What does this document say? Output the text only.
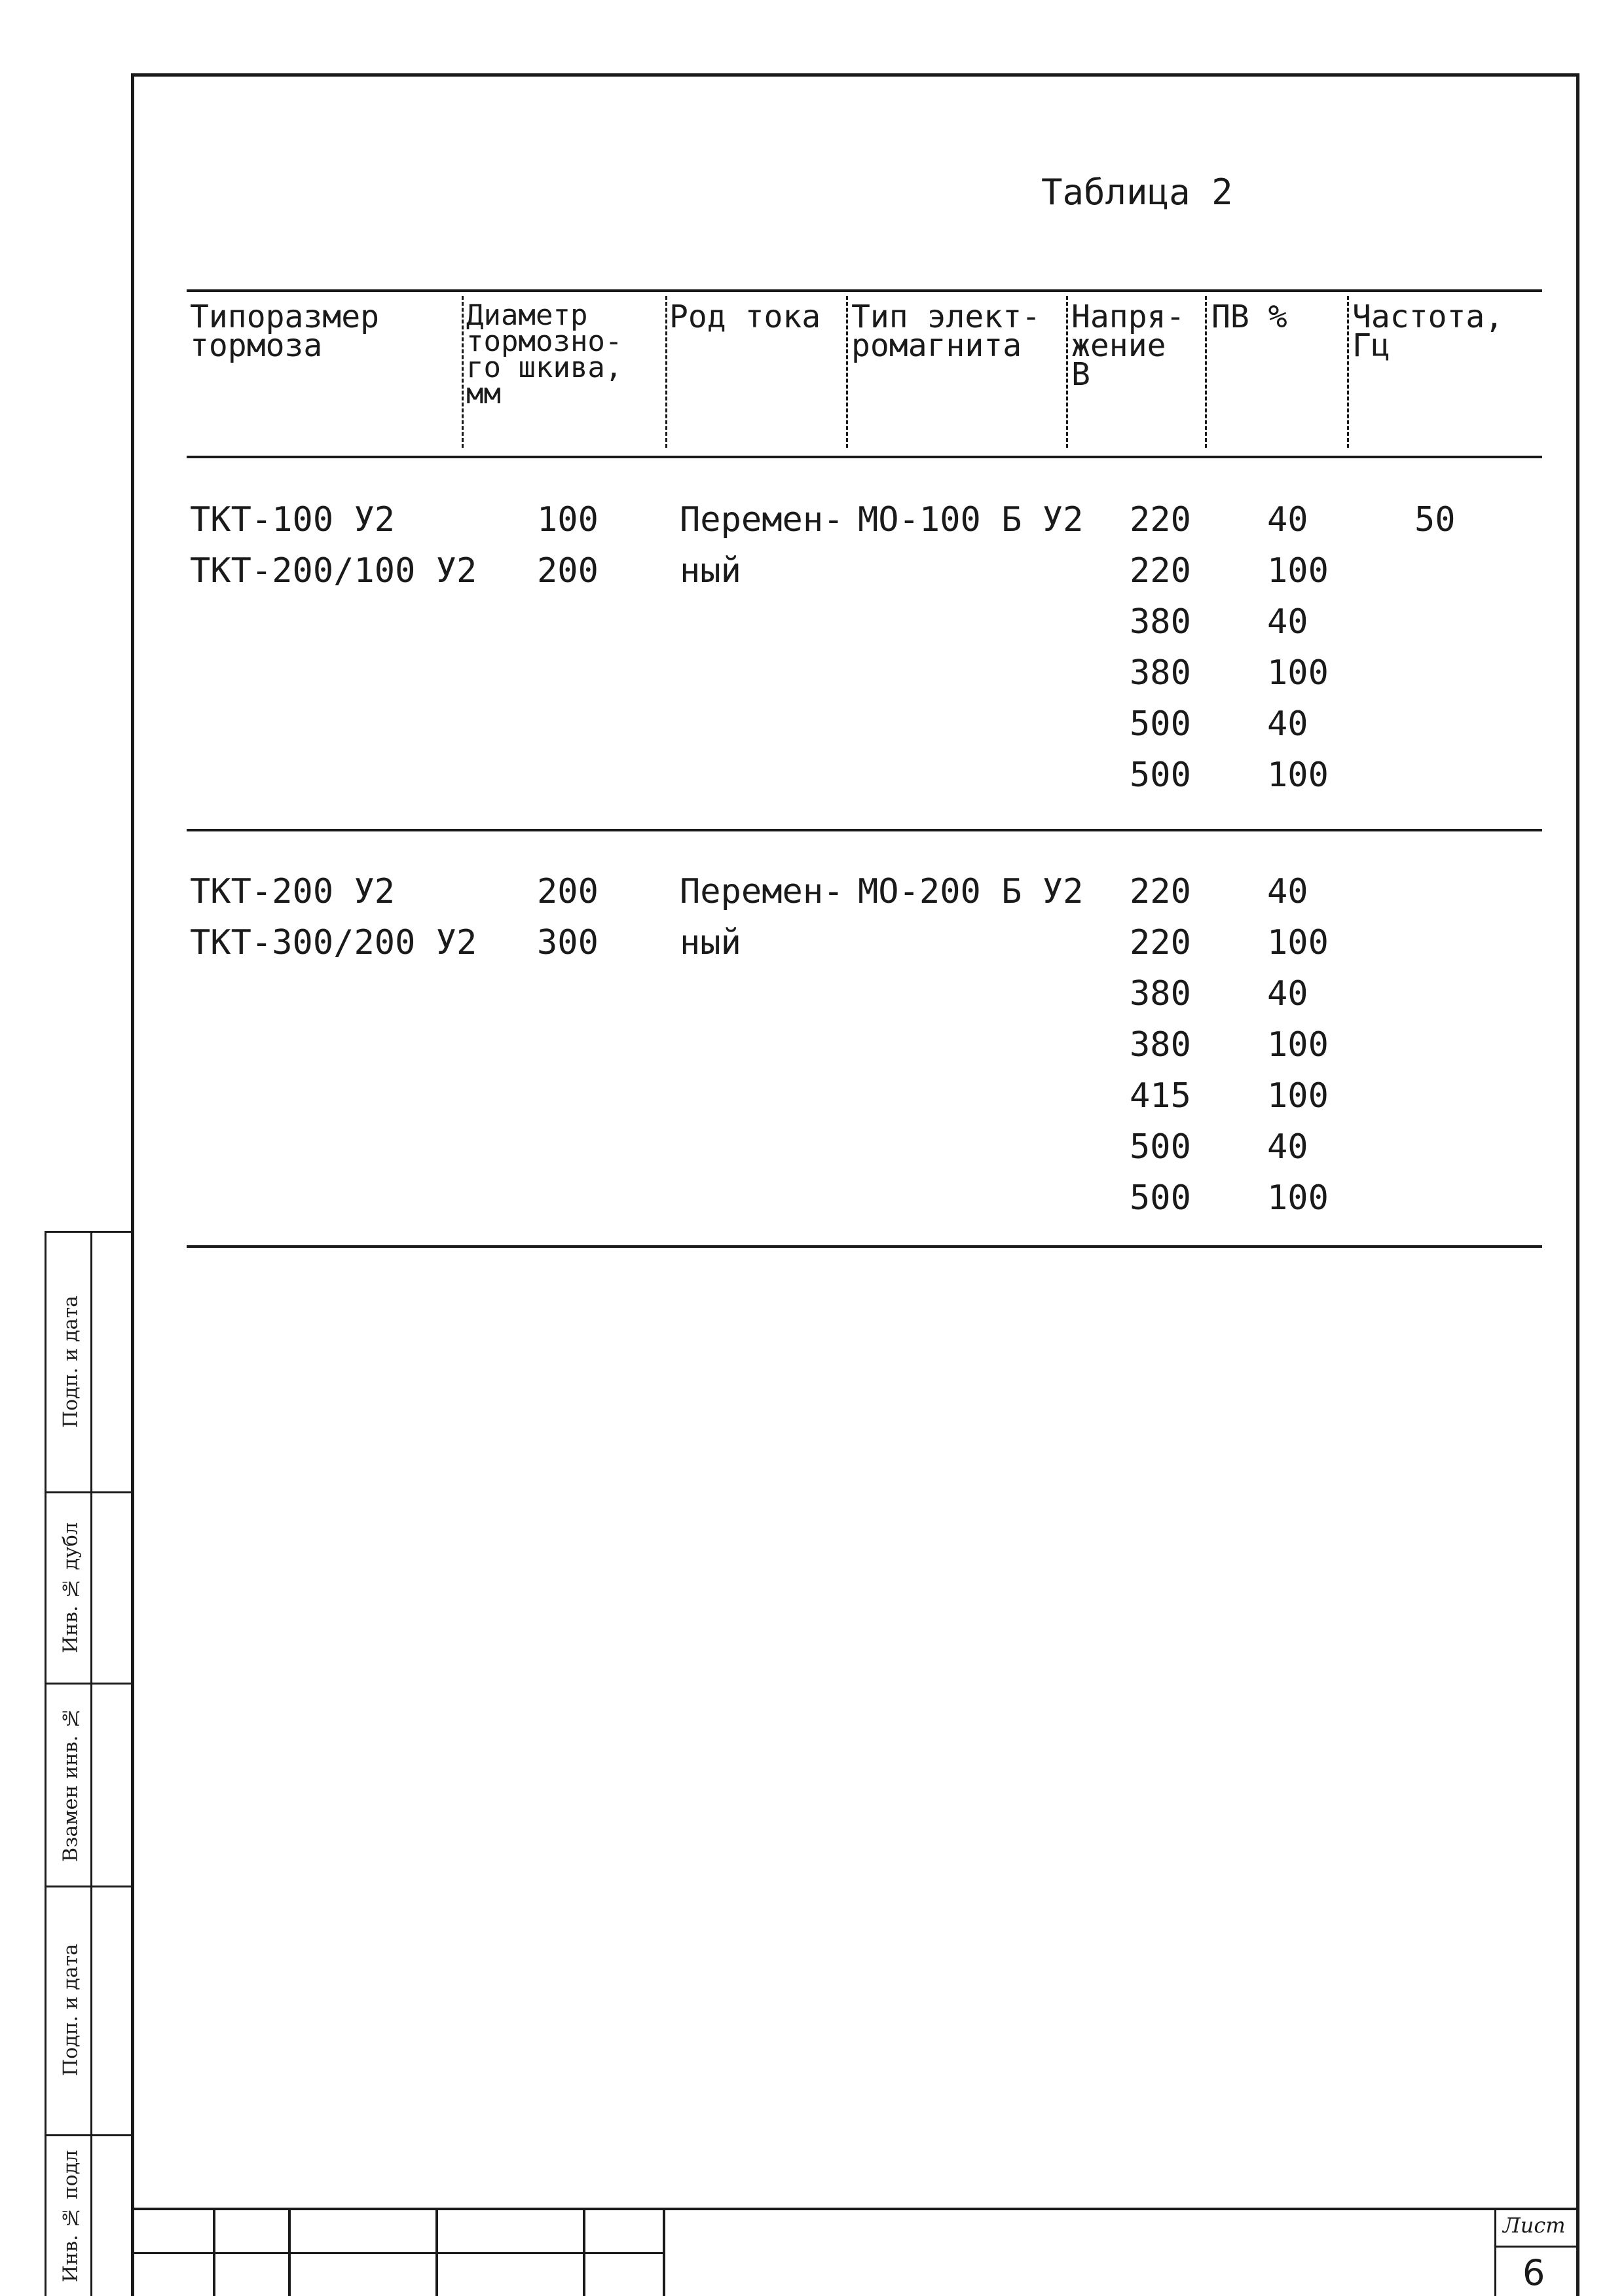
Таблица 2
Типоразмер
тормоза
Диаметр
тормозно-
го шкива,
мм
Род тока Тип элект-
ромагнита
Напря-
жение
В
ПВ % Частота,
Гц
ТКТ-100 У2
ТКТ-200/100 У2
100
200
Перемен-
ный
МО-100 Б У2 220
220
380
380
500
500
40
100
40
100
40
100
50
ТКТ-200 У2
ТКТ-300/200 У2
200
300
Перемен-
ный
МО-200 Б У2 220
220
380
380
415
500
500
40
100
40
100
100
40
100
Подп. и дата
Инв. № дубл
Взамен инв. №
Подп. и дата
Инв. № подл	Лист
6
